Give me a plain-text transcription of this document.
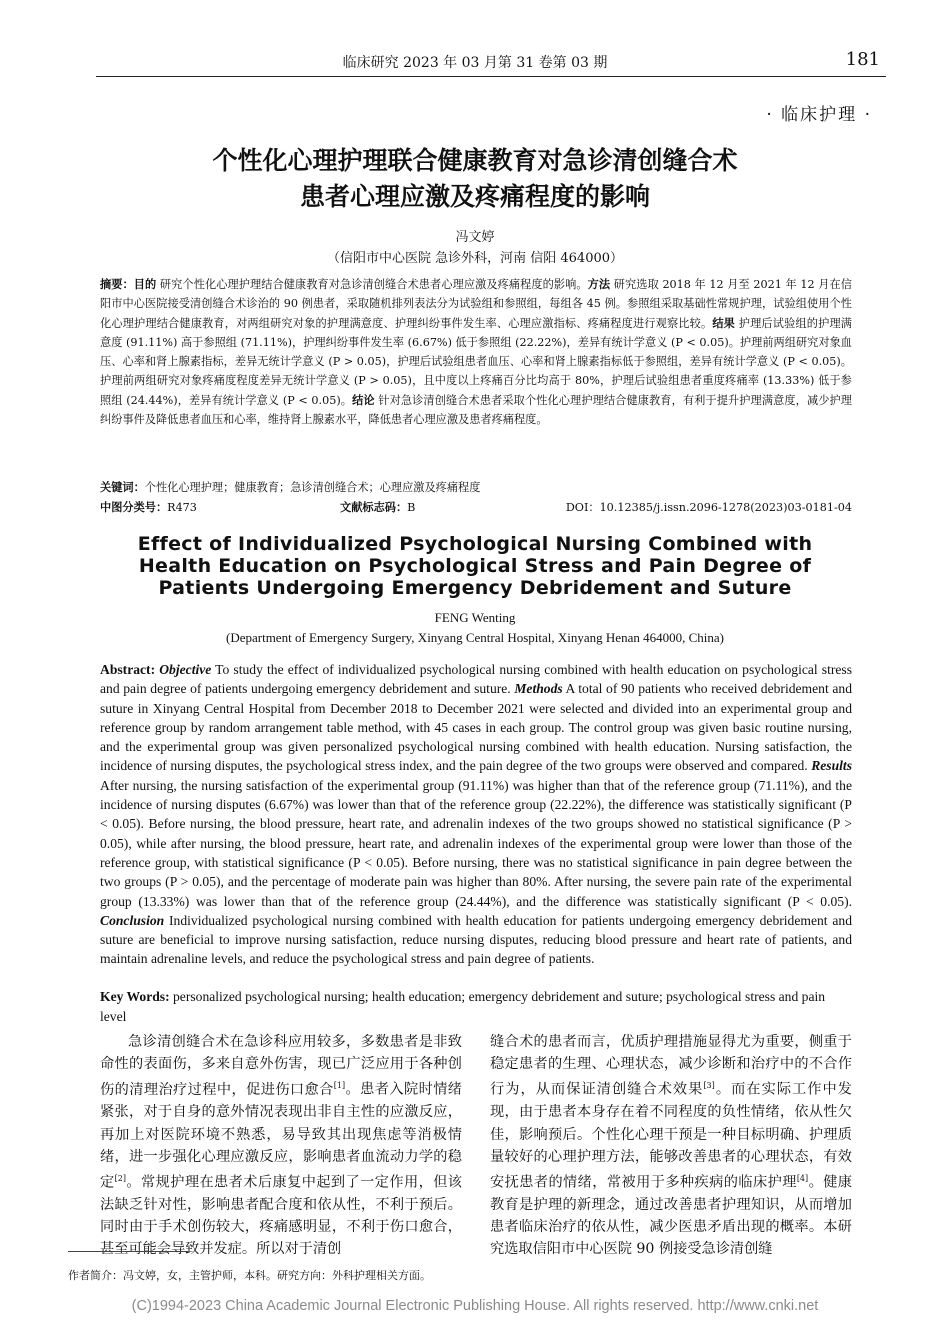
临床研究 2023 年 03 月第 31 卷第 03 期	181
· 临床护理 ·
个性化心理护理联合健康教育对急诊清创缝合术
患者心理应激及疼痛程度的影响
冯文婷
（信阳市中心医院 急诊外科，河南 信阳 464000）
摘要：目的 研究个性化心理护理结合健康教育对急诊清创缝合术患者心理应激及疼痛程度的影响。方法 研究选取 2018 年 12 月至 2021 年 12 月在信阳市中心医院接受清创缝合术诊治的 90 例患者，采取随机排列表法分为试验组和参照组，每组各 45 例。参照组采取基础性常规护理，试验组使用个性化心理护理结合健康教育，对两组研究对象的护理满意度、护理纠纷事件发生率、心理应激指标、疼痛程度进行观察比较。结果 护理后试验组的护理满意度 (91.11%) 高于参照组 (71.11%)，护理纠纷事件发生率 (6.67%) 低于参照组 (22.22%)，差异有统计学意义 (P < 0.05)。护理前两组研究对象血压、心率和肾上腺素指标，差异无统计学意义 (P > 0.05)，护理后试验组患者血压、心率和肾上腺素指标低于参照组，差异有统计学意义 (P < 0.05)。护理前两组研究对象疼痛度程度差异无统计学意义 (P > 0.05)，且中度以上疼痛百分比均高于 80%，护理后试验组患者重度疼痛率 (13.33%) 低于参照组 (24.44%)，差异有统计学意义 (P < 0.05)。结论 针对急诊清创缝合术患者采取个性化心理护理结合健康教育，有利于提升护理满意度，减少护理纠纷事件及降低患者血压和心率，维持肾上腺素水平，降低患者心理应激及患者疼痛程度。
关键词：个性化心理护理；健康教育；急诊清创缝合术；心理应激及疼痛程度
中图分类号：R473	文献标志码：B	DOI：10.12385/j.issn.2096-1278(2023)03-0181-04
Effect of Individualized Psychological Nursing Combined with
Health Education on Psychological Stress and Pain Degree of
Patients Undergoing Emergency Debridement and Suture
FENG Wenting
(Department of Emergency Surgery, Xinyang Central Hospital, Xinyang Henan 464000, China)
Abstract: Objective To study the effect of individualized psychological nursing combined with health education on psychological stress and pain degree of patients undergoing emergency debridement and suture. Methods A total of 90 patients who received debridement and suture in Xinyang Central Hospital from December 2018 to December 2021 were selected and divided into an experimental group and reference group by random arrangement table method, with 45 cases in each group. The control group was given basic routine nursing, and the experimental group was given personalized psychological nursing combined with health education. Nursing satisfaction, the incidence of nursing disputes, the psychological stress index, and the pain degree of the two groups were observed and compared. Results After nursing, the nursing satisfaction of the experimental group (91.11%) was higher than that of the reference group (71.11%), and the incidence of nursing disputes (6.67%) was lower than that of the reference group (22.22%), the difference was statistically significant (P < 0.05). Before nursing, the blood pressure, heart rate, and adrenalin indexes of the two groups showed no statistical significance (P > 0.05), while after nursing, the blood pressure, heart rate, and adrenalin indexes of the experimental group were lower than those of the reference group, with statistical significance (P < 0.05). Before nursing, there was no statistical significance in pain degree between the two groups (P > 0.05), and the percentage of moderate pain was higher than 80%. After nursing, the severe pain rate of the experimental group (13.33%) was lower than that of the reference group (24.44%), and the difference was statistically significant (P < 0.05). Conclusion Individualized psychological nursing combined with health education for patients undergoing emergency debridement and suture are beneficial to improve nursing satisfaction, reduce nursing disputes, reducing blood pressure and heart rate of patients, and maintain adrenaline levels, and reduce the psychological stress and pain degree of patients.
Key Words: personalized psychological nursing; health education; emergency debridement and suture; psychological stress and pain level
急诊清创缝合术在急诊科应用较多，多数患者是非致命性的表面伤，多来自意外伤害，现已广泛应用于各种创伤的清理治疗过程中，促进伤口愈合[1]。患者入院时情绪紧张，对于自身的意外情况表现出非自主性的应激反应，再加上对医院环境不熟悉，易导致其出现焦虑等消极情绪，进一步强化心理应激反应，影响患者血流动力学的稳定[2]。常规护理在患者术后康复中起到了一定作用，但该法缺乏针对性，影响患者配合度和依从性，不利于预后。同时由于手术创伤较大，疼痛感明显，不利于伤口愈合，甚至可能会导致并发症。所以对于清创
缝合术的患者而言，优质护理措施显得尤为重要，侧重于稳定患者的生理、心理状态，减少诊断和治疗中的不合作行为，从而保证清创缝合术效果[3]。而在实际工作中发现，由于患者本身存在着不同程度的负性情绪，依从性欠佳，影响预后。个性化心理干预是一种目标明确、护理质量较好的心理护理方法，能够改善患者的心理状态，有效安抚患者的情绪，常被用于多种疾病的临床护理[4]。健康教育是护理的新理念，通过改善患者护理知识，从而增加患者临床治疗的依从性，减少医患矛盾出现的概率。本研究选取信阳市中心医院 90 例接受急诊清创缝
作者简介：冯文婷，女，主管护师，本科。研究方向：外科护理相关方面。
(C)1994-2023 China Academic Journal Electronic Publishing House. All rights reserved. http://www.cnki.net
